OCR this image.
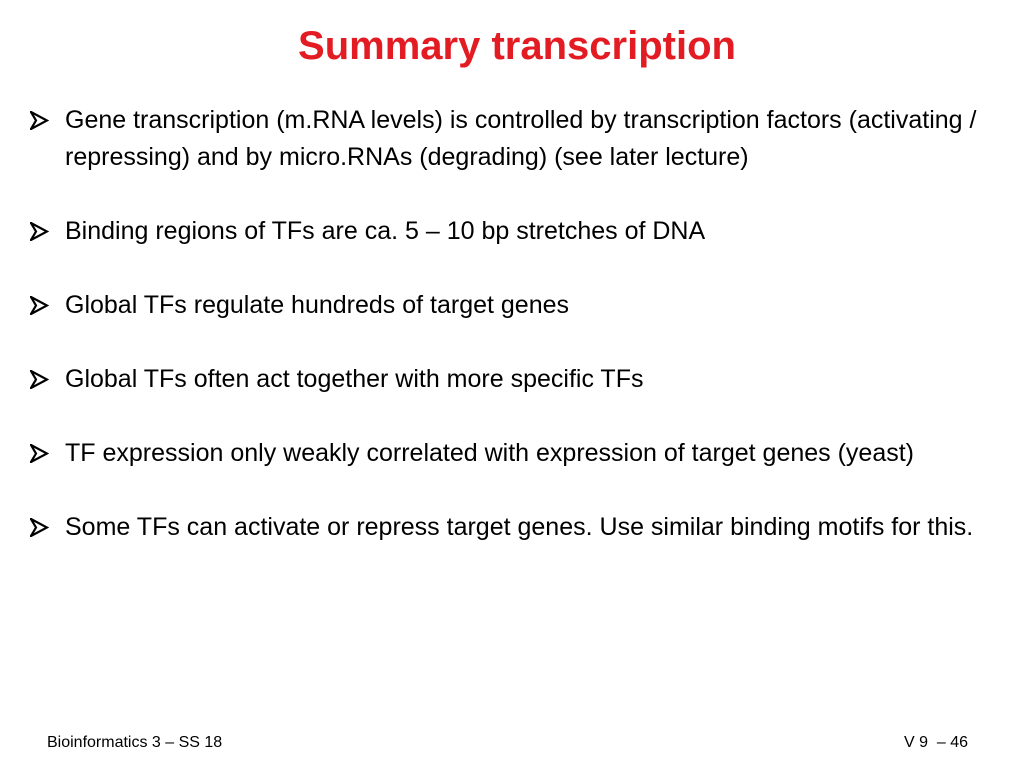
Summary transcription
Gene transcription (m.RNA levels) is controlled by transcription factors (activating / repressing) and by micro.RNAs (degrading) (see later lecture)
Binding regions of TFs are ca. 5 – 10 bp stretches of DNA
Global TFs regulate hundreds of target genes
Global TFs often act together with more specific TFs
TF expression only weakly correlated with expression of target genes (yeast)
Some TFs can activate or repress target genes. Use similar binding motifs for this.
Bioinformatics 3 – SS 18	V 9  – 46
